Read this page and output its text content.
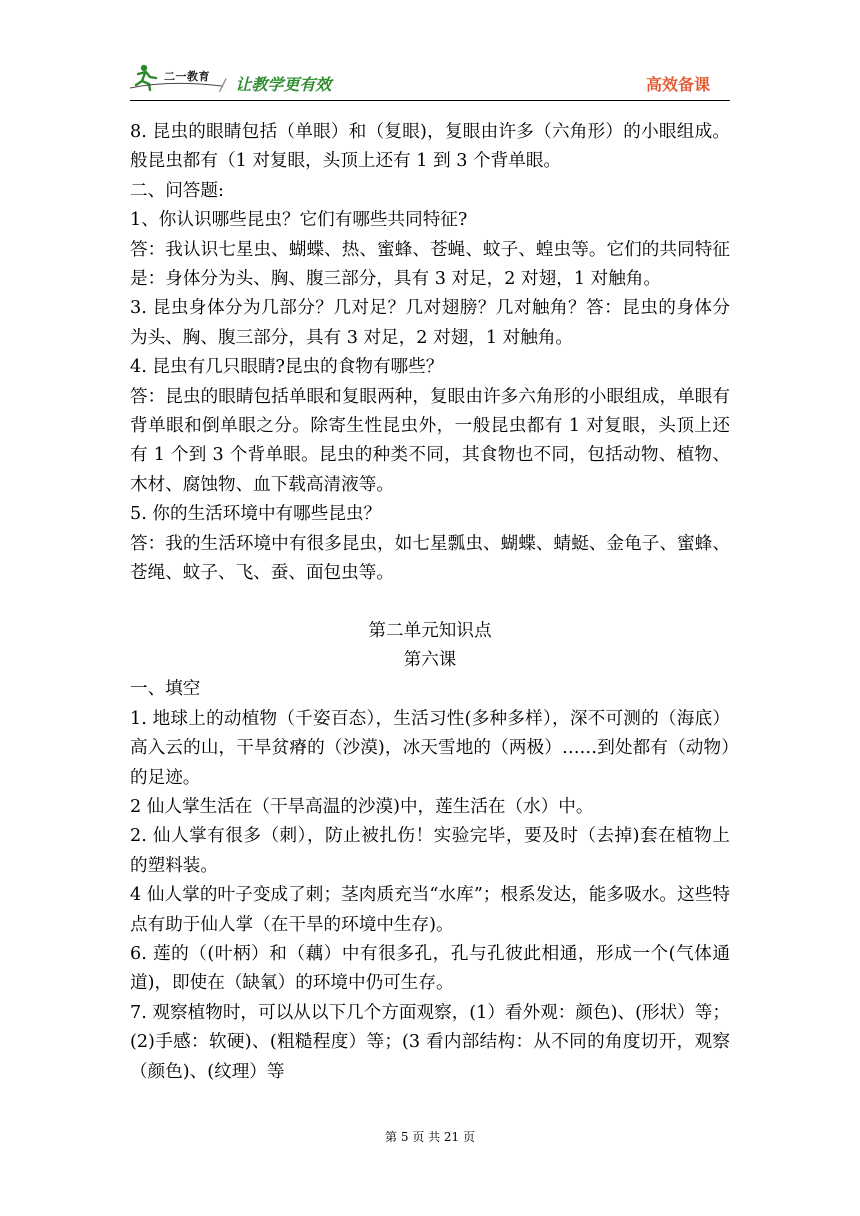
二一教育 / 让教学更有效	高效备课

8. 昆虫的眼睛包括（单眼）和（复眼)，复眼由许多（六角形）的小眼组成。般昆虫都有（1 对复眼，头顶上还有 1 到 3 个背单眼。

二、问答题:

1、你认识哪些昆虫？它们有哪些共同特征?

答：我认识七星虫、蝴蝶、热、蜜蜂、苍蝇、蚊子、蝗虫等。它们的共同特征是：身体分为头、胸、腹三部分，具有 3 对足，2 对翅，1 对触角。

3. 昆虫身体分为几部分？几对足？几对翅膀？几对触角？答：昆虫的身体分为头、胸、腹三部分，具有 3 对足，2 对翅，1 对触角。

4. 昆虫有几只眼睛?昆虫的食物有哪些？

答：昆虫的眼睛包括单眼和复眼两种，复眼由许多六角形的小眼组成，单眼有背单眼和倒单眼之分。除寄生性昆虫外，一般昆虫都有 1 对复眼，头顶上还有 1 个到 3 个背单眼。昆虫的种类不同，其食物也不同，包括动物、植物、木材、腐蚀物、血下载高清液等。

5. 你的生活环境中有哪些昆虫？

答：我的生活环境中有很多昆虫，如七星瓢虫、蝴蝶、蜻蜓、金龟子、蜜蜂、苍绳、蚊子、飞、蚕、面包虫等。

第二单元知识点

第六课

一、填空

1. 地球上的动植物（千姿百态），生活习性(多种多样），深不可测的（海底）高入云的山，干旱贫瘠的（沙漠)，冰天雪地的（两极）……到处都有（动物）的足迹。

2 仙人掌生活在（干旱高温的沙漠)中，莲生活在（水）中。

2. 仙人掌有很多（刺），防止被扎伤！实验完毕，要及时（去掉)套在植物上的塑料装。

4 仙人掌的叶子变成了刺；茎肉质充当“水库”；根系发达，能多吸水。这些特点有助于仙人掌（在干旱的环境中生存)。

6. 莲的（(叶柄）和（藕）中有很多孔，孔与孔彼此相通，形成一个(气体通道)，即使在（缺氧）的环境中仍可生存。

7. 观察植物时，可以从以下几个方面观察，(1）看外观：颜色)、(形状）等；(2)手感：软硬)、(粗糙程度）等；(3 看内部结构：从不同的角度切开，观察（颜色)、(纹理）等

第 5 页 共 21 页
